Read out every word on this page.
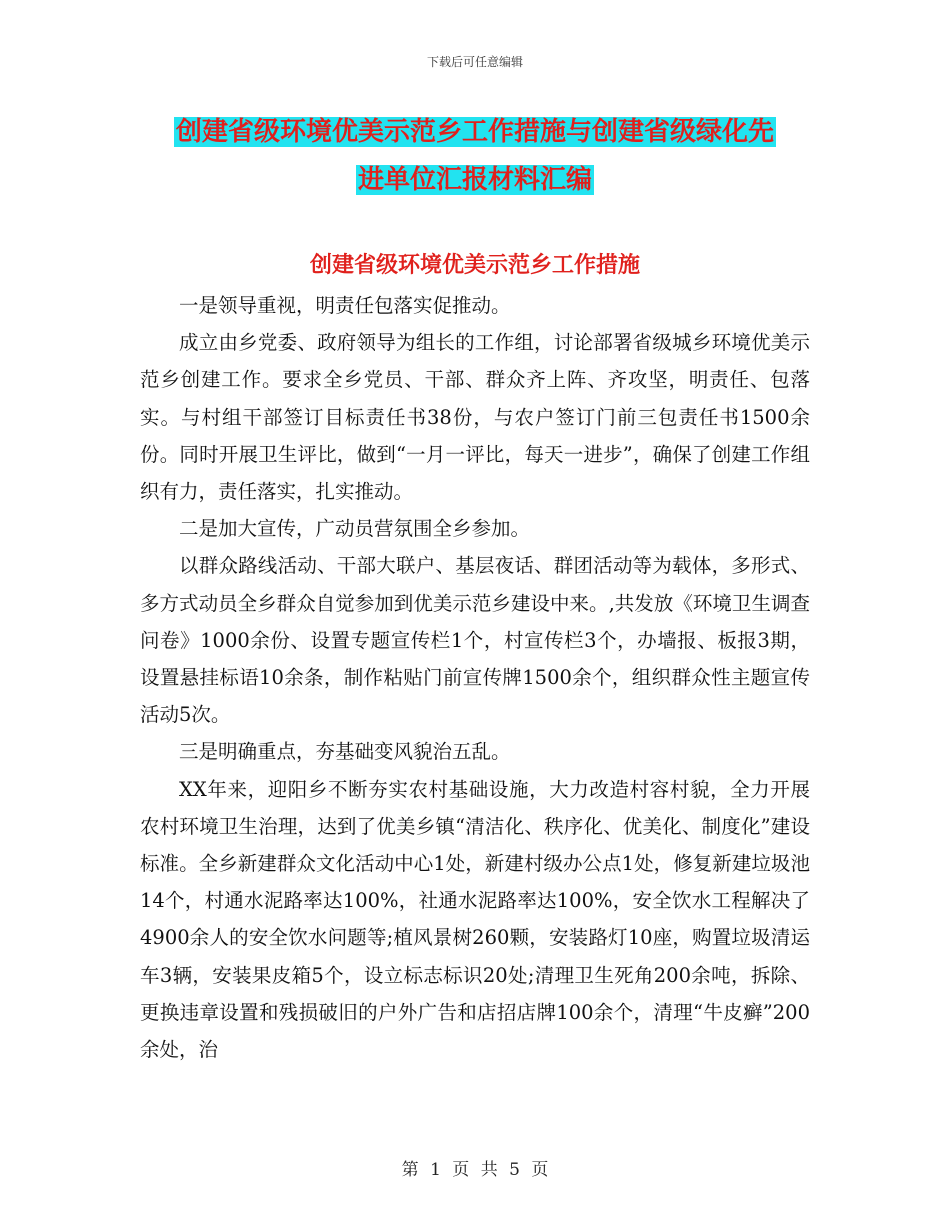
下载后可任意编辑
创建省级环境优美示范乡工作措施与创建省级绿化先
进单位汇报材料汇编
创建省级环境优美示范乡工作措施

一是领导重视，明责任包落实促推动。

成立由乡党委、政府领导为组长的工作组，讨论部署省级城乡环境优美示范乡创建工作。要求全乡党员、干部、群众齐上阵、齐攻坚，明责任、包落实。与村组干部签订目标责任书38份，与农户签订门前三包责任书1500余份。同时开展卫生评比，做到“一月一评比，每天一进步”，确保了创建工作组织有力，责任落实，扎实推动。

二是加大宣传，广动员营氛围全乡参加。

以群众路线活动、干部大联户、基层夜话、群团活动等为载体，多形式、多方式动员全乡群众自觉参加到优美示范乡建设中来。,共发放《环境卫生调查问卷》1000余份、设置专题宣传栏1个，村宣传栏3个，办墙报、板报3期，设置悬挂标语10余条，制作粘贴门前宣传牌1500余个，组织群众性主题宣传活动5次。

三是明确重点，夯基础变风貌治五乱。

XX年来，迎阳乡不断夯实农村基础设施，大力改造村容村貌，全力开展农村环境卫生治理，达到了优美乡镇“清洁化、秩序化、优美化、制度化”建设标准。全乡新建群众文化活动中心1处，新建村级办公点1处，修复新建垃圾池14个，村通水泥路率达100%，社通水泥路率达100%，安全饮水工程解决了4900余人的安全饮水问题等;植风景树260颗，安装路灯10座，购置垃圾清运车3辆，安装果皮箱5个，设立标志标识20处;清理卫生死角200余吨，拆除、更换违章设置和残损破旧的户外广告和店招店牌100余个，清理“牛皮癣”200余处，治

第 1 页 共 5 页
